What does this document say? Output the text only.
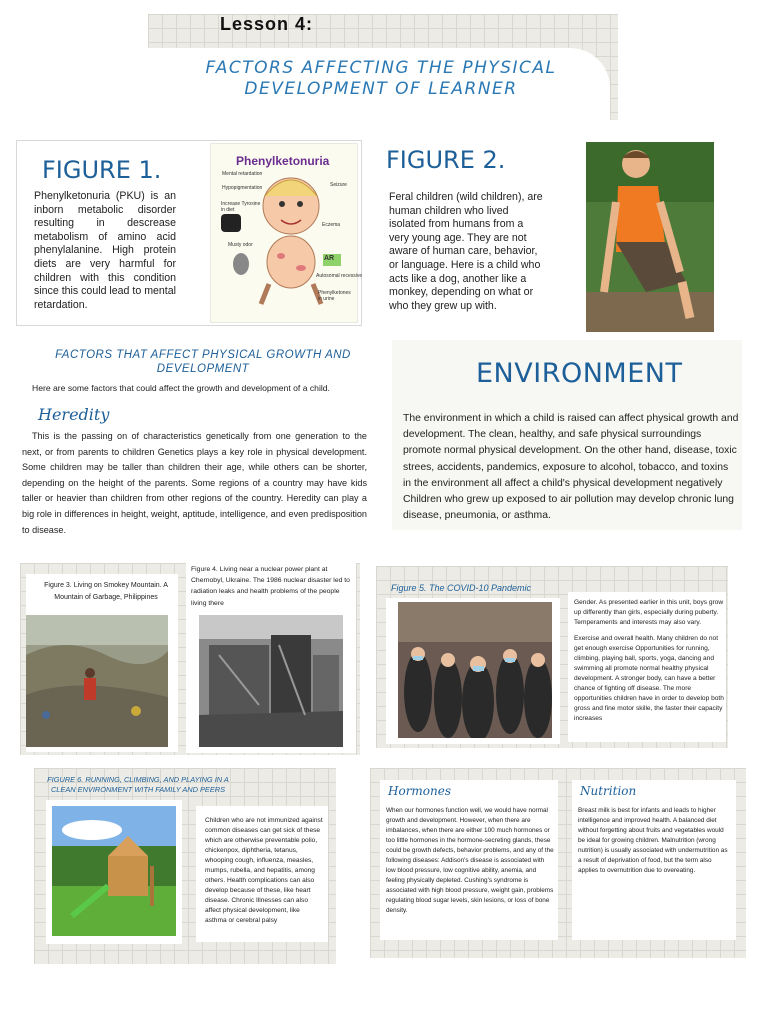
Lesson 4:
FACTORS AFFECTING THE PHYSICAL DEVELOPMENT OF LEARNER
FIGURE 1.
Phenylketonuria (PKU) is an inborn metabolic disorder resulting in descrease metabolism of amino acid phenylalanine. High protein diets are very harmful for children with this condition since this could lead to mental retardation.
Phenylketonuria
Mental retardation
Hypopigmentation
Increase Tyrosine in diet
Musty odor
Seizure
Eczema
AR
Autosomal recessive
Phenylketones in urine
FIGURE 2.
Feral children (wild children), are human children who lived isolated from humans from a very young age. They are not aware of human care, behavior, or language. Here is a child who acts like a dog, another like a monkey, depending on what or who they grew up with.
FACTORS THAT AFFECT PHYSICAL GROWTH AND DEVELOPMENT
Here are some factors that could affect the growth and development of a child.
Heredity
This is the passing on of characteristics genetically from one generation to the next, or from parents to children Genetics plays a key role in physical development. Some children may be taller than children their age, while others can be shorter, depending on the height of the parents. Some regions of a country may have kids taller or heavier than children from other regions of the country. Heredity can play a big role in differences in height, weight, aptitude, intelligence, and even predisposition to disease.
ENVIRONMENT
The environment in which a child is raised can affect physical growth and development. The clean, healthy, and safe physical surroundings promote normal physical development. On the other hand, disease, toxic strees, accidents, pandemics, exposure to alcohol, tobacco, and toxins in the environment all affect a child's physical development negatively Children who grew up exposed to air pollution may develop chronic lung disease, pneumonia, or asthma.
Figure 3. Living on Smokey Mountain. A Mountain of Garbage, Philippines
Figure 4. Living near a nuclear power plant at Chernobyl, Ukraine. The 1986 nuclear disaster led to radiation leaks and health problems of the people living there
Figure 5. The COVID-10 Pandemic

Gender. As presented earlier in this unit, boys grow up differently than girls, especially during puberty. Temperaments and interests may also vary.

Exercise and overall health. Many children do not get enough exercise Opportunities for running, climbing, playing ball, sports, yoga, dancing and swimming all promote normal healthy physical development. A stronger body, can have a better chance of fighting off disease. The more opportunities children have in order to develop both gross and fine motor skille, the faster their capacity increases

FIGURE 6. RUNNING, CLIMBING, AND PLAYING IN A CLEAN ENVIRONMENT WITH FAMILY AND PEERS
Children who are not immunized against common diseases can get sick of these which are otherwise preventable polio, chickenpox, diphtheria, tetanus, whooping cough, influenza, measles, mumps, rubella, and hepatitis, among others. Health complications can also develop because of these, like heart disease. Chronic Illnesses can also affect physical development, like asthma or cerebral palsy
Hormones
When our hormones function well, we would have normal growth and development. However, when there are imbalances, when there are either 100 much hormones or too little hormones in the hormone-secreting glands, these could be growth defects, behavior problems, and any of the following diseases: Addison's disease is associated with low blood pressure, low cognitive ability, anemia, and feeling physically depleted. Cushing's syndrome is associated with high blood pressure, weight gain, problems regulating blood sugar levels, skin lesions, or loss of bone density.
Nutrition
Breast milk is best for infants and leads to higher intelligence and improved health. A balanced diet without forgetting about fruits and vegetables would be ideal for growing children. Malnutrition (wrong nutrition) is usually associated with undermutrition as a result of deprivation of food, but the term also applies to overnutrition due to overeating.
